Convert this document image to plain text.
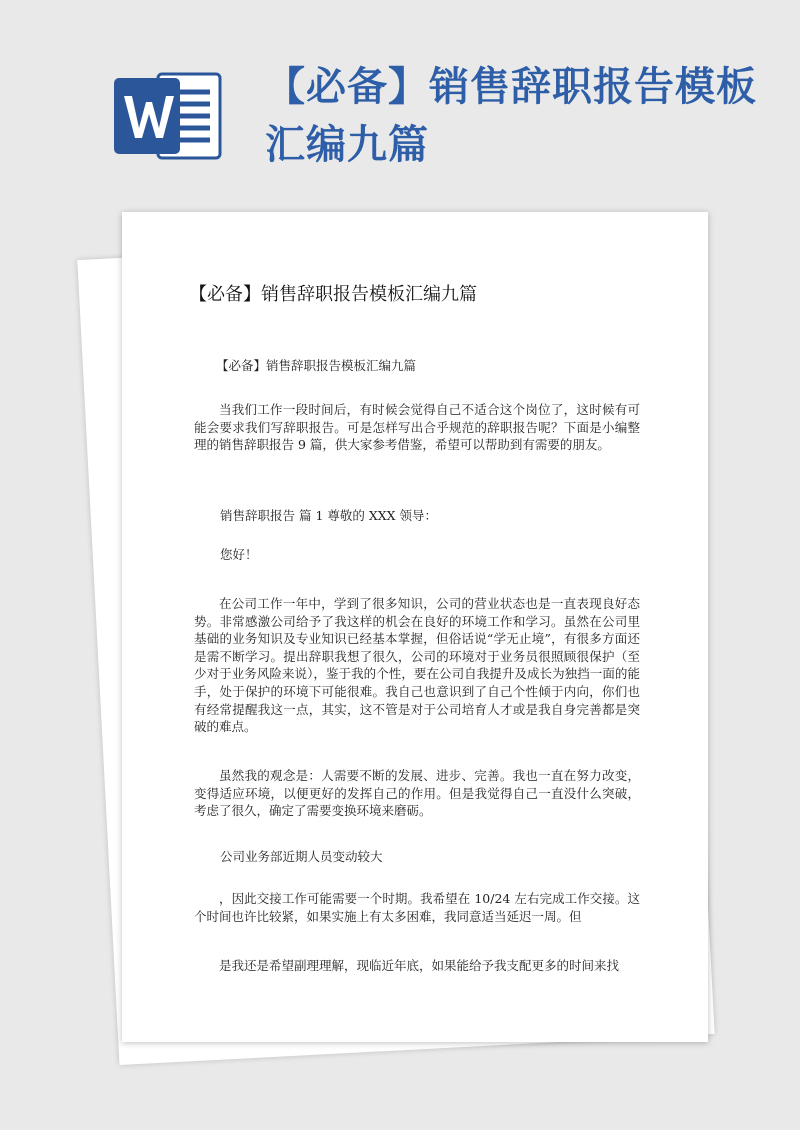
【必备】销售辞职报告模板汇编九篇
【必备】销售辞职报告模板汇编九篇

【必备】销售辞职报告模板汇编九篇

当我们工作一段时间后，有时候会觉得自己不适合这个岗位了，这时候有可能会要求我们写辞职报告。可是怎样写出合乎规范的辞职报告呢？下面是小编整理的销售辞职报告 9 篇，供大家参考借鉴，希望可以帮助到有需要的朋友。

销售辞职报告 篇 1 尊敬的 XXX 领导：

您好！

在公司工作一年中，学到了很多知识，公司的营业状态也是一直表现良好态势。非常感激公司给予了我这样的机会在良好的环境工作和学习。虽然在公司里基础的业务知识及专业知识已经基本掌握，但俗话说“学无止境”，有很多方面还是需不断学习。提出辞职我想了很久，公司的环境对于业务员很照顾很保护（至少对于业务风险来说），鉴于我的个性，要在公司自我提升及成长为独挡一面的能手，处于保护的环境下可能很难。我自己也意识到了自己个性倾于内向，你们也有经常提醒我这一点，其实，这不管是对于公司培育人才或是我自身完善都是突破的难点。

虽然我的观念是：人需要不断的发展、进步、完善。我也一直在努力改变，变得适应环境，以便更好的发挥自己的作用。但是我觉得自己一直没什么突破，考虑了很久，确定了需要变换环境来磨砺。

公司业务部近期人员变动较大

，因此交接工作可能需要一个时期。我希望在 10/24 左右完成工作交接。这个时间也许比较紧，如果实施上有太多困难，我同意适当延迟一周。但

是我还是希望副理理解，现临近年底，如果能给予我支配更多的时间来找
